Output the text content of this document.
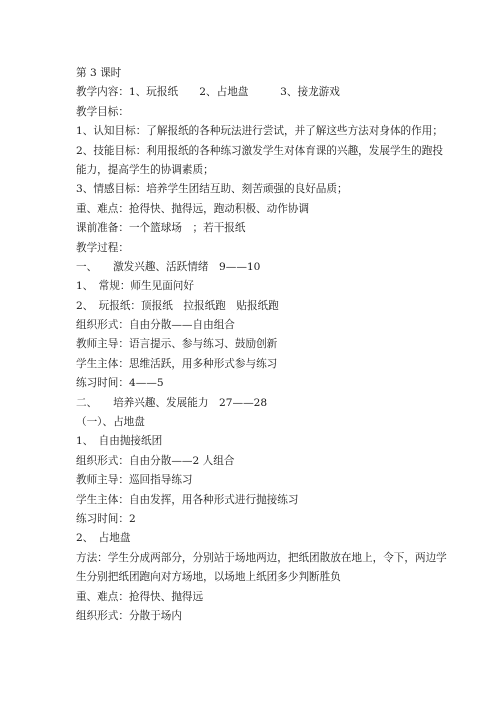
第 3 课时
教学内容：1、玩报纸　　2、占地盘　　　3、接龙游戏
教学目标：
1、认知目标：了解报纸的各种玩法进行尝试，并了解这些方法对身体的作用；
2、技能目标：利用报纸的各种练习激发学生对体育课的兴趣，发展学生的跑投
能力，提高学生的协调素质；
3、情感目标：培养学生团结互助、刻苦顽强的良好品质；
重、难点：抢得快、抛得远，跑动积极、动作协调
课前准备：一个篮球场　；若干报纸
教学过程：
一、　　激发兴趣、活跃情绪　9——10
1、　常规：师生见面问好
2、　玩报纸：顶报纸　拉报纸跑　贴报纸跑
组织形式：自由分散——自由组合
教师主导：语言提示、参与练习、鼓励创新
学生主体：思维活跃，用多种形式参与练习
练习时间：4——5
二、　　培养兴趣、发展能力　27——28
（一）、占地盘
1、　自由抛接纸团
组织形式：自由分散——2 人组合
教师主导：巡回指导练习
学生主体：自由发挥，用各种形式进行抛接练习
练习时间：2
2、　占地盘
方法：学生分成两部分，分别站于场地两边，把纸团散放在地上，令下，两边学
生分别把纸团跑向对方场地，以场地上纸团多少判断胜负
重、难点：抢得快、抛得远
组织形式：分散于场内
